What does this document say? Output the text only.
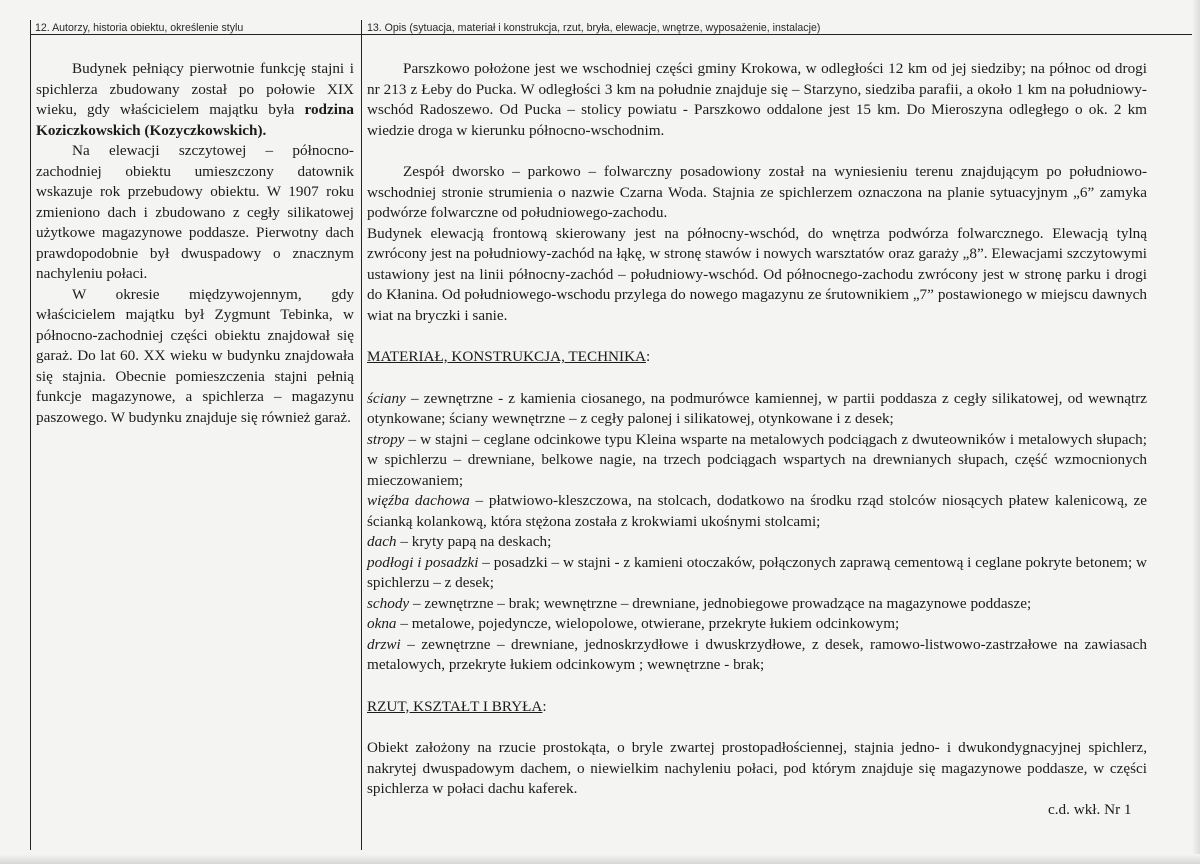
12. Autorzy, historia obiektu, określenie stylu	13. Opis (sytuacja, materiał i konstrukcja, rzut, bryła, elewacje, wnętrze, wyposażenie, instalacje)

Budynek pełniący pierwotnie funkcję stajni i spichlerza zbudowany został po połowie XIX wieku, gdy właścicielem majątku była rodzina Koziczkowskich (Kozyczkowskich).

Na elewacji szczytowej – północno-zachodniej obiektu umieszczony datownik wskazuje rok przebudowy obiektu. W 1907 roku zmieniono dach i zbudowano z cegły silikatowej użytkowe magazynowe poddasze. Pierwotny dach prawdopodobnie był dwuspadowy o znacznym nachyleniu połaci.

W okresie międzywojennym, gdy właścicielem majątku był Zygmunt Tebinka, w północno-zachodniej części obiektu znajdował się garaż. Do lat 60. XX wieku w budynku znajdowała się stajnia. Obecnie pomieszczenia stajni pełnią funkcje magazynowe, a spichlerza – magazynu paszowego. W budynku znajduje się również garaż.

Parszkowo położone jest we wschodniej części gminy Krokowa, w odległości 12 km od jej siedziby; na północ od drogi nr 213 z Łeby do Pucka. W odległości 3 km na południe znajduje się – Starzyno, siedziba parafii, a około 1 km na południowy-wschód Radoszewo. Od Pucka – stolicy powiatu - Parszkowo oddalone jest 15 km. Do Mieroszyna odległego o ok. 2 km wiedzie droga w kierunku północno-wschodnim.

Zespół dworsko – parkowo – folwarczny posadowiony został na wyniesieniu terenu znajdującym po południowo-wschodniej stronie strumienia o nazwie Czarna Woda. Stajnia ze spichlerzem oznaczona na planie sytuacyjnym „6” zamyka podwórze folwarczne od południowego-zachodu.

Budynek elewacją frontową skierowany jest na północny-wschód, do wnętrza podwórza folwarcznego. Elewacją tylną zwrócony jest na południowy-zachód na łąkę, w stronę stawów i nowych warsztatów oraz garaży „8”. Elewacjami szczytowymi ustawiony jest na linii północny-zachód – południowy-wschód. Od północnego-zachodu zwrócony jest w stronę parku i drogi do Kłanina. Od południowego-wschodu przylega do nowego magazynu ze śrutownikiem „7” postawionego w miejscu dawnych wiat na bryczki i sanie.

MATERIAŁ, KONSTRUKCJA, TECHNIKA:

ściany – zewnętrzne - z kamienia ciosanego, na podmurówce kamiennej, w partii poddasza z cegły silikatowej, od wewnątrz otynkowane; ściany wewnętrzne – z cegły palonej i silikatowej, otynkowane i z desek;

stropy – w stajni – ceglane odcinkowe typu Kleina wsparte na metalowych podciągach z dwuteowników i metalowych słupach; w spichlerzu – drewniane, belkowe nagie, na trzech podciągach wspartych na drewnianych słupach, część wzmocnionych mieczowaniem;

więźba dachowa – płatwiowo-kleszczowa, na stolcach, dodatkowo na środku rząd stolców niosących płatew kalenicową, ze ścianką kolankową, która stężona została z krokwiami ukośnymi stolcami;

dach – kryty papą na deskach;

podłogi i posadzki – posadzki – w stajni - z kamieni otoczaków, połączonych zaprawą cementową i ceglane pokryte betonem; w spichlerzu – z desek;

schody – zewnętrzne – brak; wewnętrzne – drewniane, jednobiegowe prowadzące na magazynowe poddasze;

okna – metalowe, pojedyncze, wielopolowe, otwierane, przekryte łukiem odcinkowym;

drzwi – zewnętrzne – drewniane, jednoskrzydłowe i dwuskrzydłowe, z desek, ramowo-listwowo-zastrzałowe na zawiasach metalowych, przekryte łukiem odcinkowym ; wewnętrzne - brak;

RZUT, KSZTAŁT I BRYŁA:

Obiekt założony na rzucie prostokąta, o bryle zwartej prostopadłościennej, stajnia jedno- i dwukondygnacyjnej spichlerz, nakrytej dwuspadowym dachem, o niewielkim nachyleniu połaci, pod którym znajduje się magazynowe poddasze, w części spichlerza w połaci dachu kaferek.

c.d. wkł. Nr 1
